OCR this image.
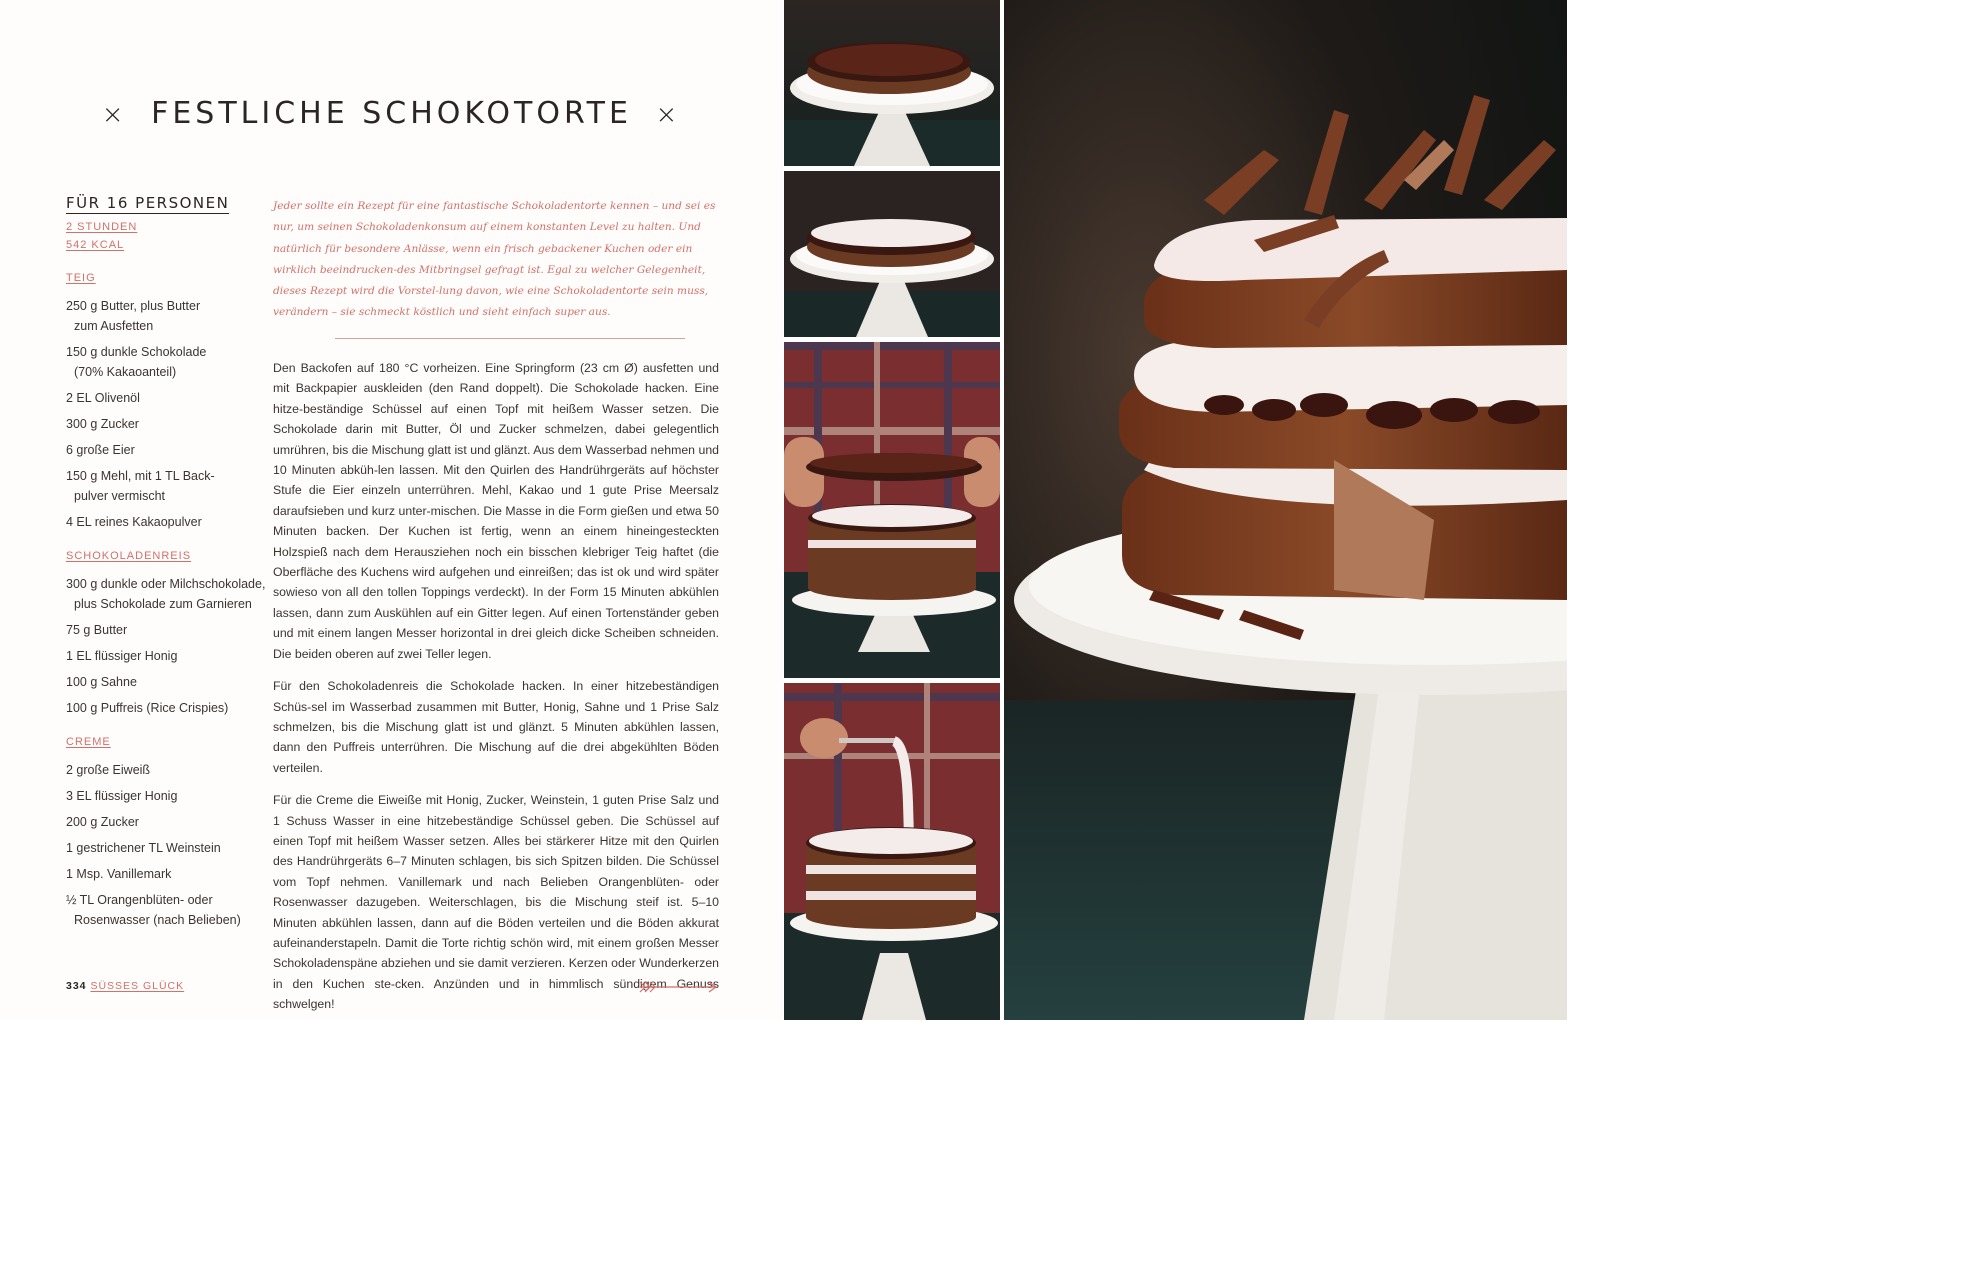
× FESTLICHE SCHOKOTORTE ×
FÜR 16 PERSONEN
2 STUNDEN
542 KCAL
TEIG
250 g Butter, plus Butter
zum Ausfetten
150 g dunkle Schokolade
(70% Kakaoanteil)
2 EL Olivenöl
300 g Zucker
6 große Eier
150 g Mehl, mit 1 TL Back-
pulver vermischt
4 EL reines Kakaopulver
SCHOKOLADENREIS
300 g dunkle oder Milchschokolade,
plus Schokolade zum Garnieren
75 g Butter
1 EL flüssiger Honig
100 g Sahne
100 g Puffreis (Rice Crispies)
CREME
2 große Eiweiß
3 EL flüssiger Honig
200 g Zucker
1 gestrichener TL Weinstein
1 Msp. Vanillemark
½ TL Orangenblüten- oder
Rosenwasser (nach Belieben)
Jeder sollte ein Rezept für eine fantastische Schokoladentorte kennen – und sei es nur, um seinen Schokoladenkonsum auf einem konstanten Level zu halten. Und natürlich für besondere Anlässe, wenn ein frisch gebackener Kuchen oder ein wirklich beeindrucken-des Mitbringsel gefragt ist. Egal zu welcher Gelegenheit, dieses Rezept wird die Vorstel-lung davon, wie eine Schokoladentorte sein muss, verändern – sie schmeckt köstlich und sieht einfach super aus.

Den Backofen auf 180 °C vorheizen. Eine Springform (23 cm Ø) ausfetten und mit Backpapier auskleiden (den Rand doppelt). Die Schokolade hacken. Eine hitze-beständige Schüssel auf einen Topf mit heißem Wasser setzen. Die Schokolade darin mit Butter, Öl und Zucker schmelzen, dabei gelegentlich umrühren, bis die Mischung glatt ist und glänzt. Aus dem Wasserbad nehmen und 10 Minuten abküh-len lassen. Mit den Quirlen des Handrührgeräts auf höchster Stufe die Eier einzeln unterrühren. Mehl, Kakao und 1 gute Prise Meersalz daraufsieben und kurz unter-mischen. Die Masse in die Form gießen und etwa 50 Minuten backen. Der Kuchen ist fertig, wenn an einem hineingesteckten Holzspieß nach dem Herausziehen noch ein bisschen klebriger Teig haftet (die Oberfläche des Kuchens wird aufgehen und einreißen; das ist ok und wird später sowieso von all den tollen Toppings verdeckt). In der Form 15 Minuten abkühlen lassen, dann zum Auskühlen auf ein Gitter legen. Auf einen Tortenständer geben und mit einem langen Messer horizontal in drei gleich dicke Scheiben schneiden. Die beiden oberen auf zwei Teller legen.

Für den Schokoladenreis die Schokolade hacken. In einer hitzebeständigen Schüs-sel im Wasserbad zusammen mit Butter, Honig, Sahne und 1 Prise Salz schmelzen, bis die Mischung glatt ist und glänzt. 5 Minuten abkühlen lassen, dann den Puffreis unterrühren. Die Mischung auf die drei abgekühlten Böden verteilen.

Für die Creme die Eiweiße mit Honig, Zucker, Weinstein, 1 guten Prise Salz und 1 Schuss Wasser in eine hitzebeständige Schüssel geben. Die Schüssel auf einen Topf mit heißem Wasser setzen. Alles bei stärkerer Hitze mit den Quirlen des Handrührgeräts 6–7 Minuten schlagen, bis sich Spitzen bilden. Die Schüssel vom Topf nehmen. Vanillemark und nach Belieben Orangenblüten- oder Rosenwasser dazugeben. Weiterschlagen, bis die Mischung steif ist. 5–10 Minuten abkühlen lassen, dann auf die Böden verteilen und die Böden akkurat aufeinanderstapeln. Damit die Torte richtig schön wird, mit einem großen Messer Schokoladenspäne abziehen und sie damit verzieren. Kerzen oder Wunderkerzen in den Kuchen ste-cken. Anzünden und in himmlisch sündigem Genuss schwelgen!

334 SÜSSES GLÜCK
